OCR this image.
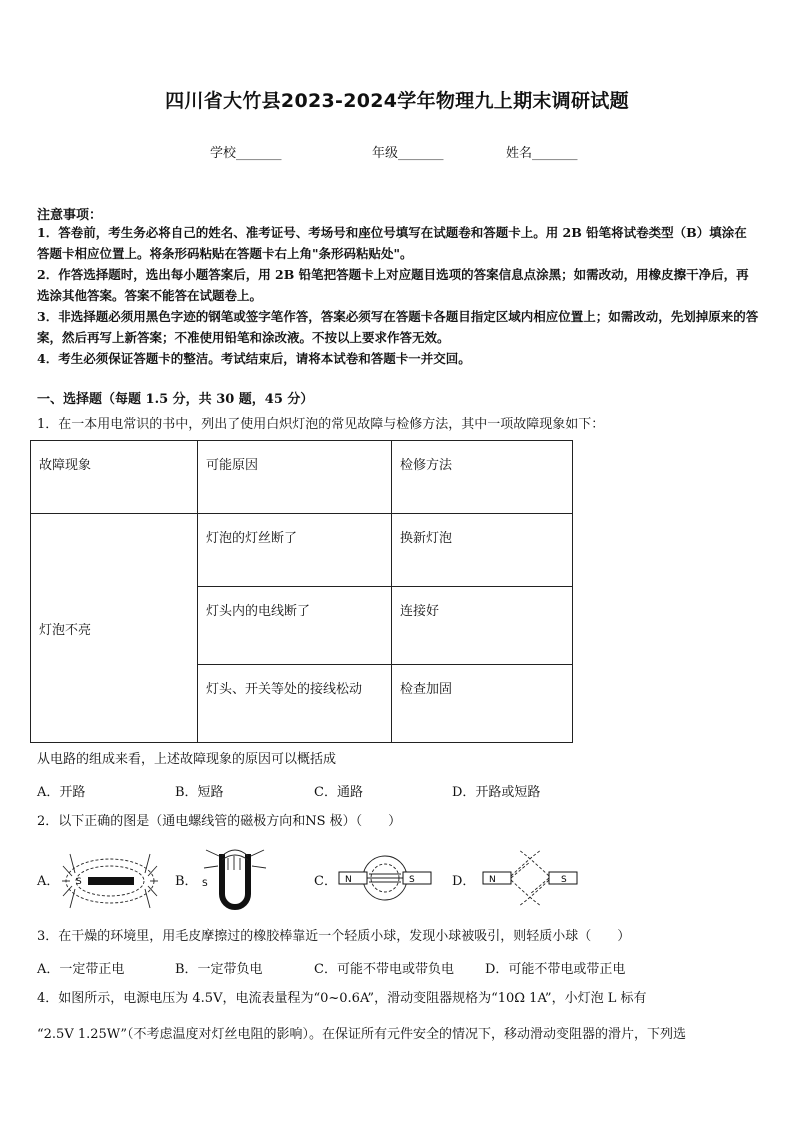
四川省大竹县2023-2024学年物理九上期末调研试题
学校_______	年级_______	姓名_______
注意事项：

1．答卷前，考生务必将自己的姓名、准考证号、考场号和座位号填写在试题卷和答题卡上。用 2B 铅笔将试卷类型（B）填涂在答题卡相应位置上。将条形码粘贴在答题卡右上角"条形码粘贴处"。

2．作答选择题时，选出每小题答案后，用 2B 铅笔把答题卡上对应题目选项的答案信息点涂黑；如需改动，用橡皮擦干净后，再选涂其他答案。答案不能答在试题卷上。

3．非选择题必须用黑色字迹的钢笔或签字笔作答，答案必须写在答题卡各题目指定区域内相应位置上；如需改动，先划掉原来的答案，然后再写上新答案；不准使用铅笔和涂改液。不按以上要求作答无效。

4．考生必须保证答题卡的整洁。考试结束后，请将本试卷和答题卡一并交回。

一、选择题（每题 1.5 分，共 30 题，45 分）
1．在一本用电常识的书中，列出了使用白炽灯泡的常见故障与检修方法，其中一项故障现象如下：
故障现象	可能原因	检修方法
灯泡不亮	灯泡的灯丝断了	换新灯泡
	灯头内的电线断了	连接好
	灯头、开关等处的接线松动	检查加固
从电路的组成来看，上述故障现象的原因可以概括成
A．开路	B．短路	C．通路	D．开路或短路
2．以下正确的图是（通电螺线管的磁极方向和NS 极）（　　）
A．	B．	C．	D．
S	S	N	S	N	S
3．在干燥的环境里，用毛皮摩擦过的橡胶棒靠近一个轻质小球，发现小球被吸引，则轻质小球（　　）
A．一定带正电	B．一定带负电	C．可能不带电或带负电 D．可能不带电或带正电
4．如图所示，电源电压为 4.5V，电流表量程为“0~0.6A”，滑动变阻器规格为“10Ω 1A”，小灯泡 L 标有
“2.5V 1.25W”（不考虑温度对灯丝电阻的影响）。在保证所有元件安全的情况下，移动滑动变阻器的滑片，下列选
